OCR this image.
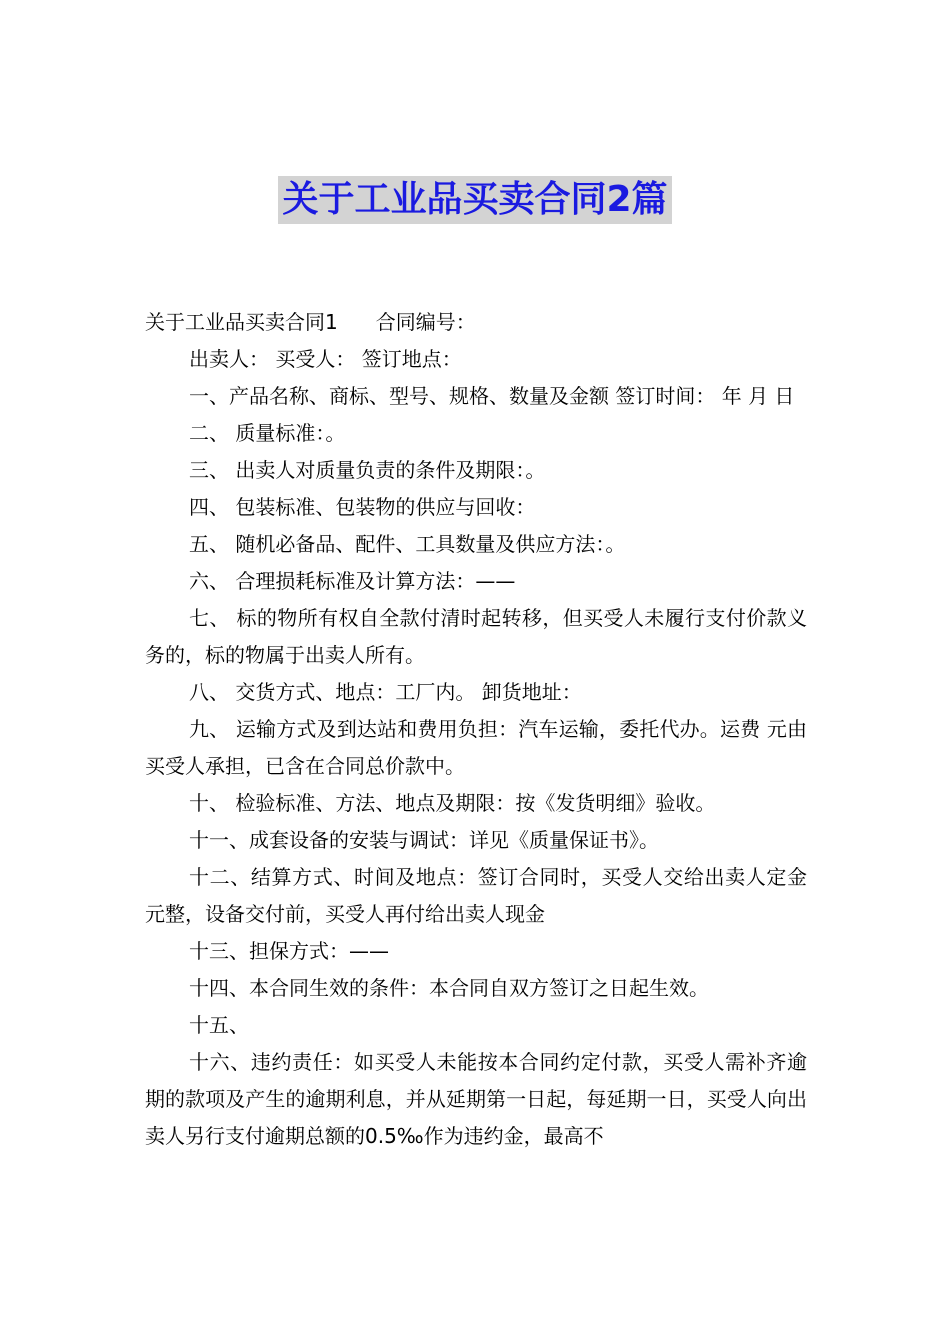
关于工业品买卖合同2篇

关于工业品买卖合同1 合同编号：

出卖人： 买受人： 签订地点：

一、产品名称、商标、型号、规格、数量及金额 签订时间： 年 月 日

二、 质量标准：。

三、 出卖人对质量负责的条件及期限：。

四、 包装标准、包装物的供应与回收：

五、 随机必备品、配件、工具数量及供应方法：。

六、 合理损耗标准及计算方法：——

七、 标的物所有权自全款付清时起转移，但买受人未履行支付价款义务的，标的物属于出卖人所有。

八、 交货方式、地点：工厂内。 卸货地址：

九、 运输方式及到达站和费用负担：汽车运输，委托代办。运费 元由买受人承担，已含在合同总价款中。

十、 检验标准、方法、地点及期限：按《发货明细》验收。

十一、成套设备的安装与调试：详见《质量保证书》。

十二、结算方式、时间及地点：签订合同时，买受人交给出卖人定金 元整，设备交付前，买受人再付给出卖人现金

十三、担保方式：——

十四、本合同生效的条件：本合同自双方签订之日起生效。

十五、

十六、违约责任：如买受人未能按本合同约定付款，买受人需补齐逾期的款项及产生的逾期利息，并从延期第一日起，每延期一日，买受人向出卖人另行支付逾期总额的0.5‰作为违约金，最高不
